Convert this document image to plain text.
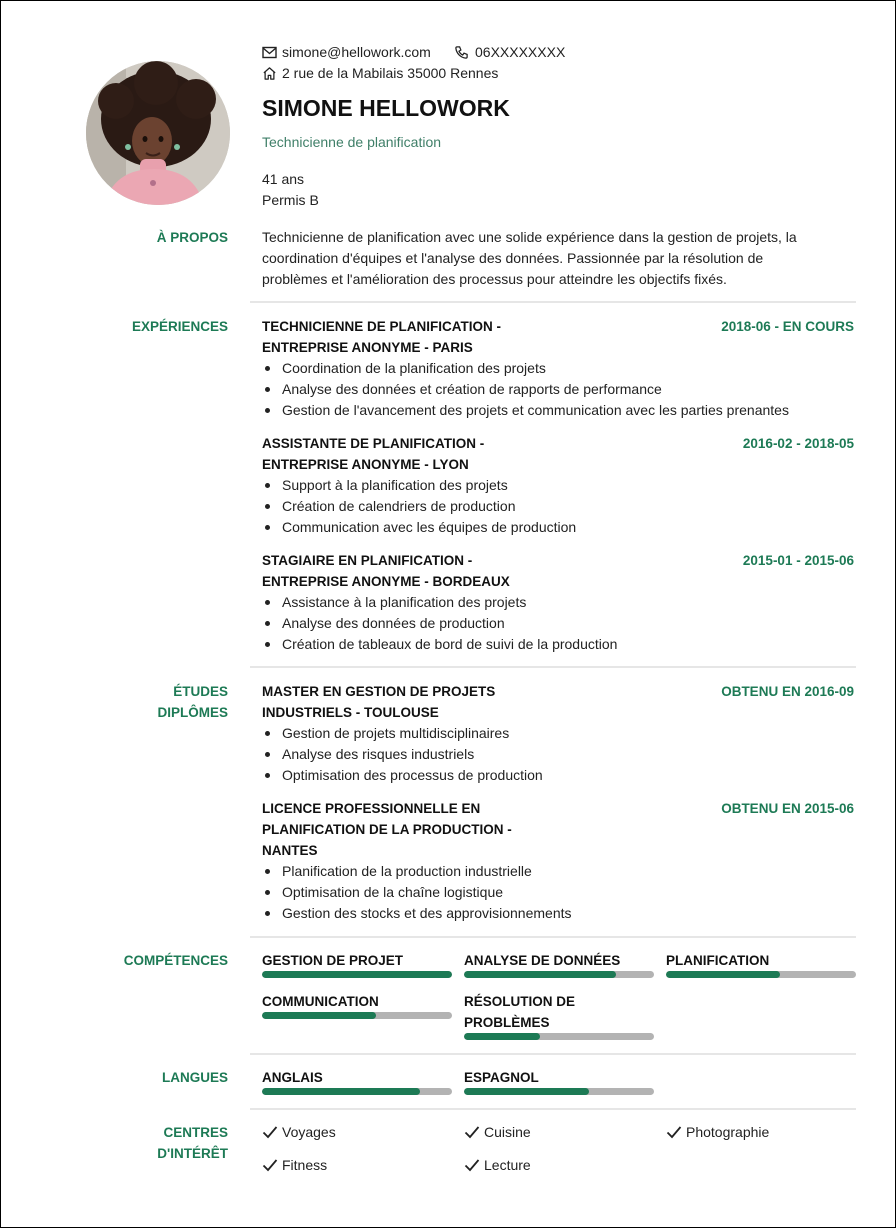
simone@hellowork.com	06XXXXXXXX
2 rue de la Mabilais 35000 Rennes
SIMONE HELLOWORK
Technicienne de planification
41 ans
Permis B
À PROPOS Technicienne de planification avec une solide expérience dans la gestion de projets, la
coordination d'équipes et l'analyse des données. Passionnée par la résolution de
problèmes et l'amélioration des processus pour atteindre les objectifs fixés.
EXPÉRIENCES	TECHNICIENNE DE PLANIFICATION -
ENTREPRISE ANONYME - PARIS
2018-06 - EN COURS
Coordination de la planification des projets
Analyse des données et création de rapports de performance
Gestion de l'avancement des projets et communication avec les parties prenantes
ASSISTANTE DE PLANIFICATION -
ENTREPRISE ANONYME - LYON
2016-02 - 2018-05
Support à la planification des projets
Création de calendriers de production
Communication avec les équipes de production
STAGIAIRE EN PLANIFICATION -
ENTREPRISE ANONYME - BORDEAUX
2015-01 - 2015-06
Assistance à la planification des projets
Analyse des données de production
Création de tableaux de bord de suivi de la production
ÉTUDES
DIPLÔMES
MASTER EN GESTION DE PROJETS
INDUSTRIELS - TOULOUSE
OBTENU EN 2016-09
Gestion de projets multidisciplinaires
Analyse des risques industriels
Optimisation des processus de production
LICENCE PROFESSIONNELLE EN
PLANIFICATION DE LA PRODUCTION -
NANTES
OBTENU EN 2015-06
Planification de la production industrielle
Optimisation de la chaîne logistique
Gestion des stocks et des approvisionnements
COMPÉTENCES	GESTION DE PROJET	ANALYSE DE DONNÉES	PLANIFICATION
COMMUNICATION	RÉSOLUTION DE
PROBLÈMES
LANGUES	ANGLAIS	ESPAGNOL
CENTRES
D'INTÉRÊT
Voyages	Cuisine	Photographie
Fitness	Lecture
